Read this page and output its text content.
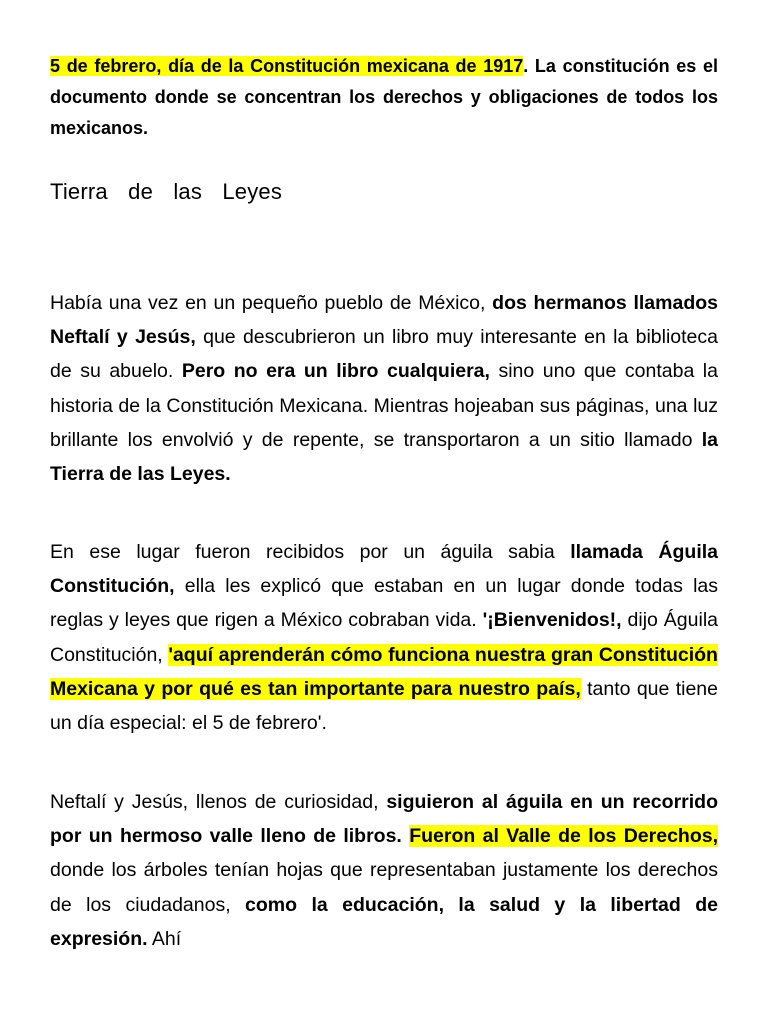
5 de febrero, día de la Constitución mexicana de 1917. La constitución es el documento donde se concentran los derechos y obligaciones de todos los mexicanos.

Tierra de las Leyes

Había una vez en un pequeño pueblo de México, dos hermanos llamados Neftalí y Jesús, que descubrieron un libro muy interesante en la biblioteca de su abuelo. Pero no era un libro cualquiera, sino uno que contaba la historia de la Constitución Mexicana. Mientras hojeaban sus páginas, una luz brillante los envolvió y de repente, se transportaron a un sitio llamado la Tierra de las Leyes.

En ese lugar fueron recibidos por un águila sabia llamada Águila Constitución, ella les explicó que estaban en un lugar donde todas las reglas y leyes que rigen a México cobraban vida. '¡Bienvenidos!, dijo Águila Constitución, 'aquí aprenderán cómo funciona nuestra gran Constitución Mexicana y por qué es tan importante para nuestro país, tanto que tiene un día especial: el 5 de febrero'.

Neftalí y Jesús, llenos de curiosidad, siguieron al águila en un recorrido por un hermoso valle lleno de libros. Fueron al Valle de los Derechos, donde los árboles tenían hojas que representaban justamente los derechos de los ciudadanos, como la educación, la salud y la libertad de expresión. Ahí
